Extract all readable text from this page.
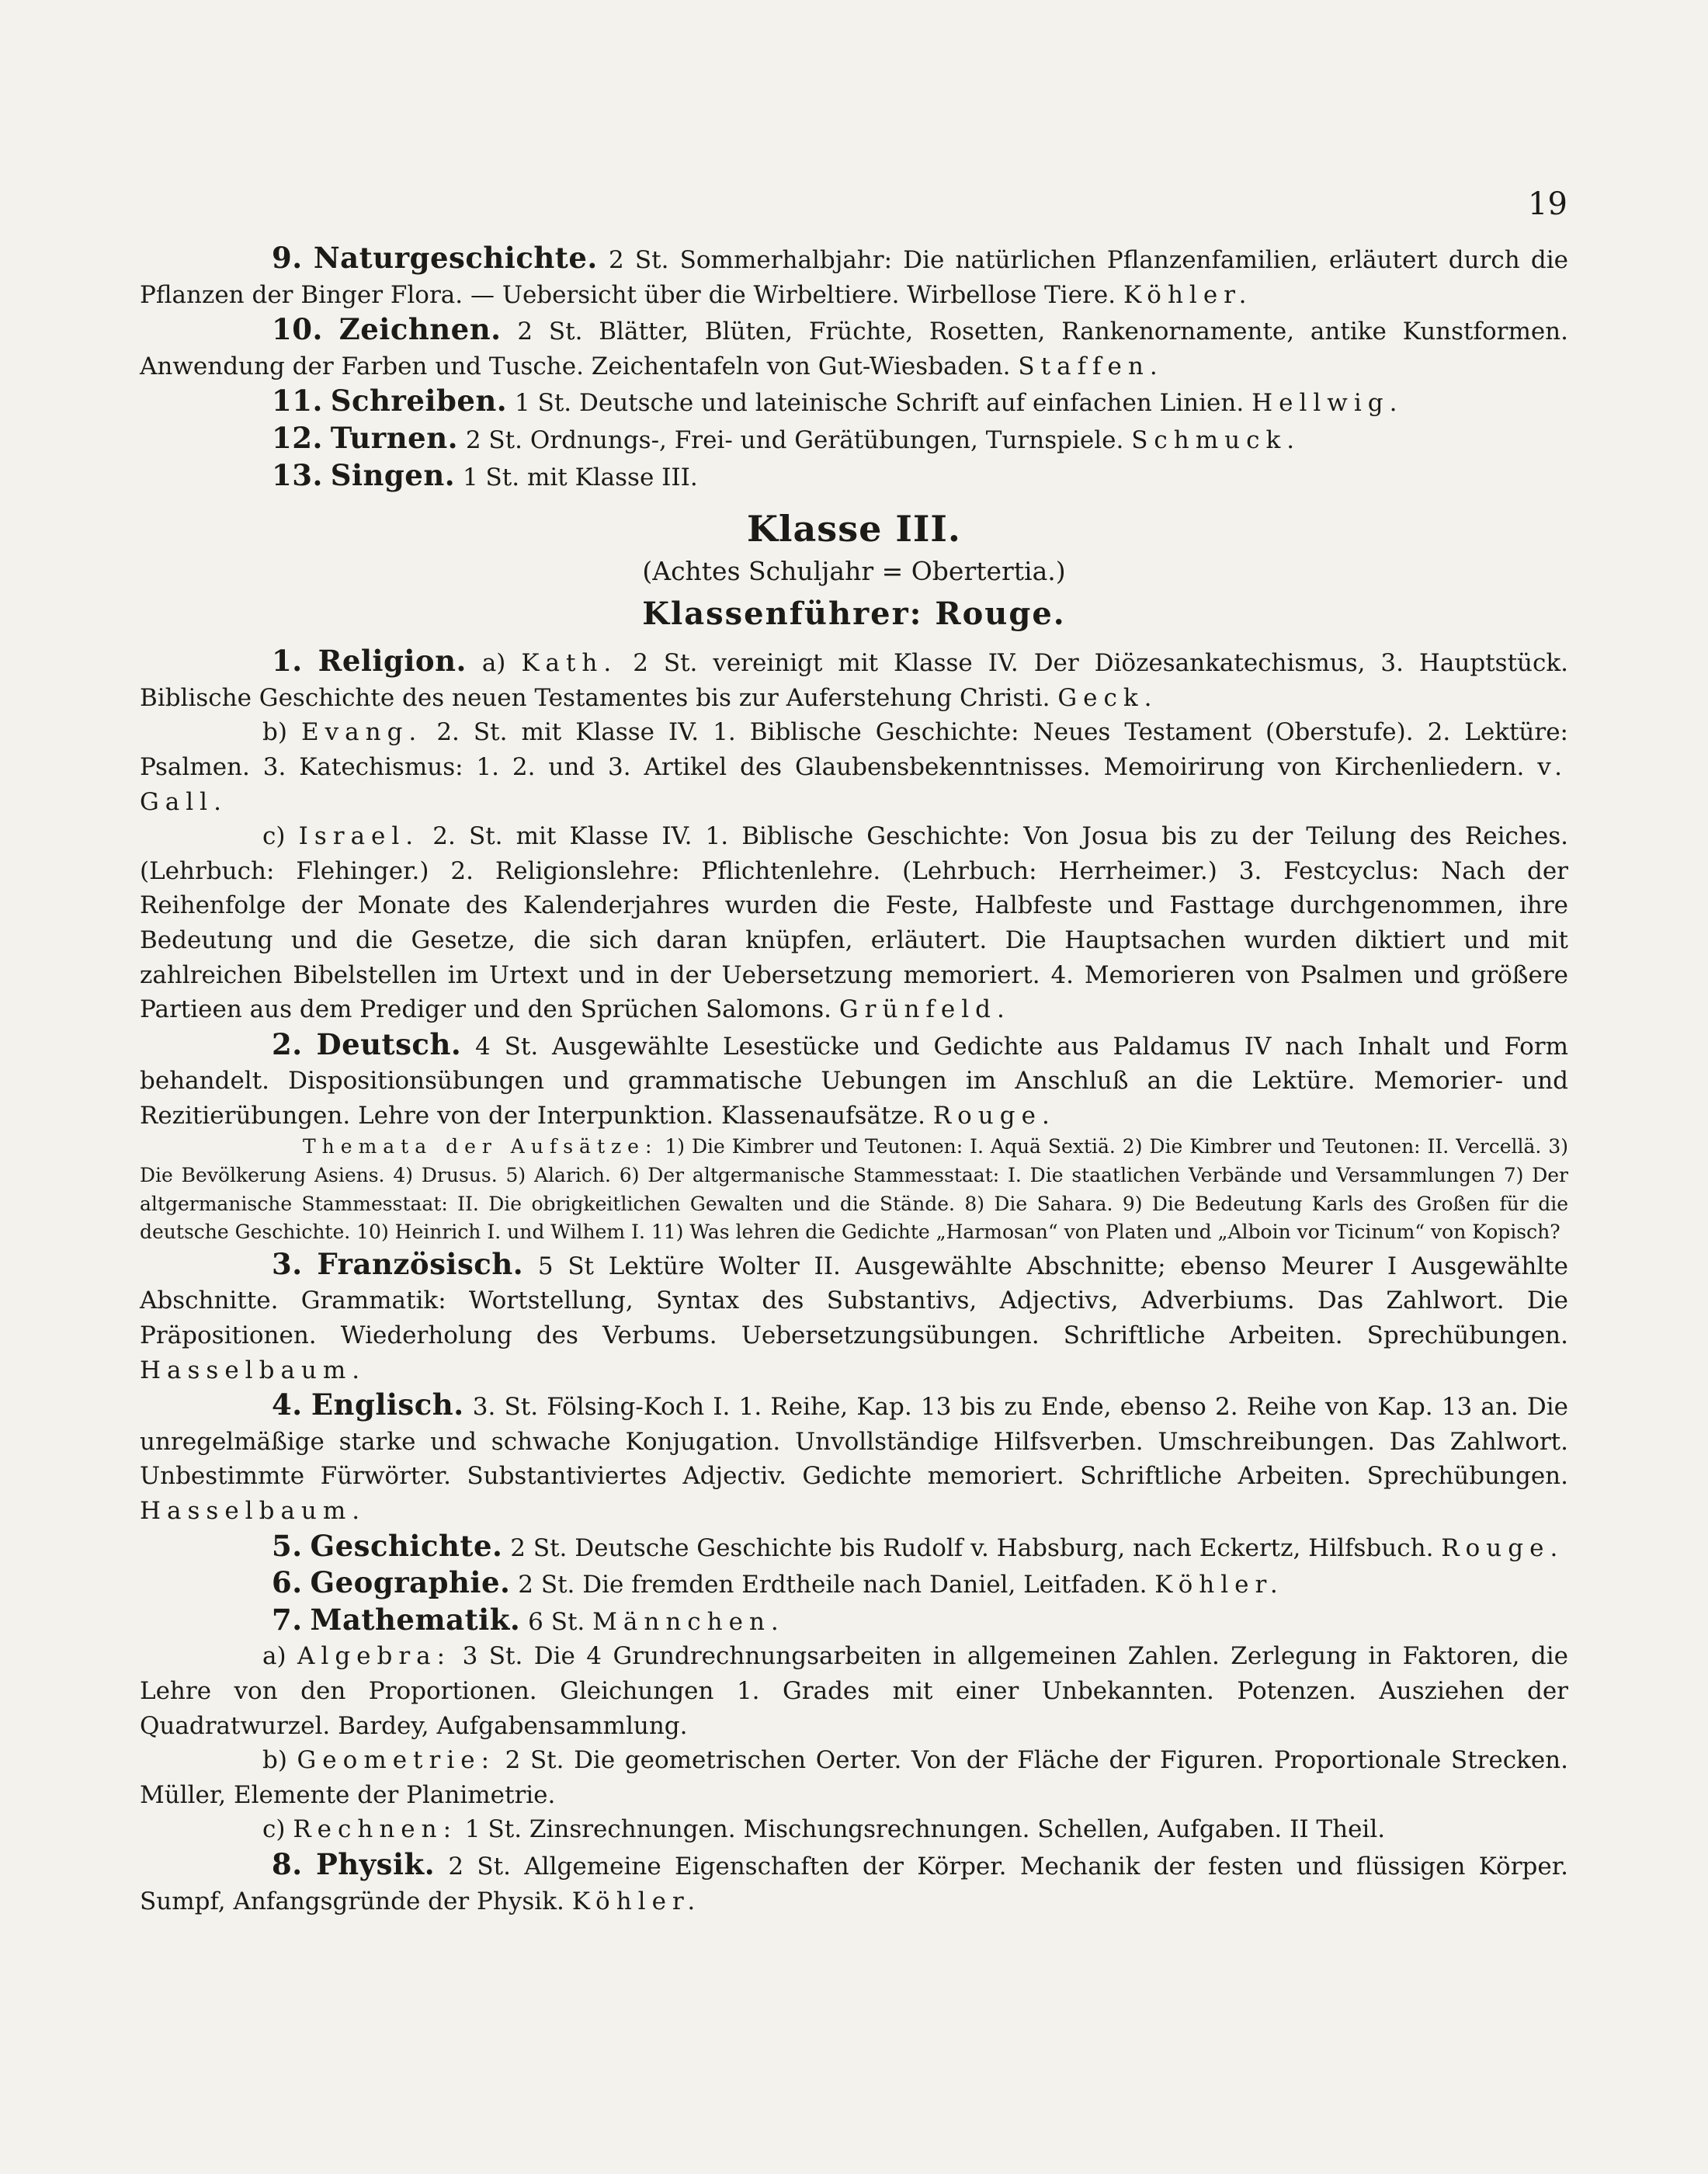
19

9. Naturgeschichte. 2 St. Sommerhalbjahr: Die natürlichen Pflanzenfamilien, erläutert durch die Pflanzen der Binger Flora. — Uebersicht über die Wirbeltiere. Wirbellose Tiere. Köhler.

10. Zeichnen. 2 St. Blätter, Blüten, Früchte, Rosetten, Rankenornamente, antike Kunstformen. Anwendung der Farben und Tusche. Zeichentafeln von Gut-Wiesbaden. Staffen.

11. Schreiben. 1 St. Deutsche und lateinische Schrift auf einfachen Linien. Hellwig.

12. Turnen. 2 St. Ordnungs-, Frei- und Gerätübungen, Turnspiele. Schmuck.

13. Singen. 1 St. mit Klasse III.

Klasse III.
(Achtes Schuljahr = Obertertia.)
Klassenführer: Rouge.

1. Religion. a) Kath. 2 St. vereinigt mit Klasse IV. Der Diözesankatechismus, 3. Hauptstück. Biblische Geschichte des neuen Testamentes bis zur Auferstehung Christi. Geck.

b) Evang. 2. St. mit Klasse IV. 1. Biblische Geschichte: Neues Testament (Oberstufe). 2. Lektüre: Psalmen. 3. Katechismus: 1. 2. und 3. Artikel des Glaubensbekenntnisses. Memoirirung von Kirchenliedern. v. Gall.

c) Israel. 2. St. mit Klasse IV. 1. Biblische Geschichte: Von Josua bis zu der Teilung des Reiches. (Lehrbuch: Flehinger.) 2. Religionslehre: Pflichtenlehre. (Lehrbuch: Herrheimer.) 3. Festcyclus: Nach der Reihenfolge der Monate des Kalenderjahres wurden die Feste, Halbfeste und Fasttage durchgenommen, ihre Bedeutung und die Gesetze, die sich daran knüpfen, erläutert. Die Hauptsachen wurden diktiert und mit zahlreichen Bibelstellen im Urtext und in der Uebersetzung memoriert. 4. Memorieren von Psalmen und größere Partieen aus dem Prediger und den Sprüchen Salomons. Grünfeld.

2. Deutsch. 4 St. Ausgewählte Lesestücke und Gedichte aus Paldamus IV nach Inhalt und Form behandelt. Dispositionsübungen und grammatische Uebungen im Anschluß an die Lektüre. Memorier- und Rezitierübungen. Lehre von der Interpunktion. Klassenaufsätze. Rouge.

Themata der Aufsätze: 1) Die Kimbrer und Teutonen: I. Aquä Sextiä. 2) Die Kimbrer und Teutonen: II. Vercellä. 3) Die Bevölkerung Asiens. 4) Drusus. 5) Alarich. 6) Der altgermanische Stammesstaat: I. Die staatlichen Verbände und Versammlungen 7) Der altgermanische Stammesstaat: II. Die obrigkeitlichen Gewalten und die Stände. 8) Die Sahara. 9) Die Bedeutung Karls des Großen für die deutsche Geschichte. 10) Heinrich I. und Wilhem I. 11) Was lehren die Gedichte „Harmosan“ von Platen und „Alboin vor Ticinum“ von Kopisch?

3. Französisch. 5 St Lektüre Wolter II. Ausgewählte Abschnitte; ebenso Meurer I Ausgewählte Abschnitte. Grammatik: Wortstellung, Syntax des Substantivs, Adjectivs, Adverbiums. Das Zahlwort. Die Präpositionen. Wiederholung des Verbums. Uebersetzungsübungen. Schriftliche Arbeiten. Sprechübungen. Hasselbaum.

4. Englisch. 3. St. Fölsing-Koch I. 1. Reihe, Kap. 13 bis zu Ende, ebenso 2. Reihe von Kap. 13 an. Die unregelmäßige starke und schwache Konjugation. Unvollständige Hilfsverben. Umschreibungen. Das Zahlwort. Unbestimmte Fürwörter. Substantiviertes Adjectiv. Gedichte memoriert. Schriftliche Arbeiten. Sprechübungen. Hasselbaum.

5. Geschichte. 2 St. Deutsche Geschichte bis Rudolf v. Habsburg, nach Eckertz, Hilfsbuch. Rouge.

6. Geographie. 2 St. Die fremden Erdtheile nach Daniel, Leitfaden. Köhler.

7. Mathematik. 6 St. Männchen.

a) Algebra: 3 St. Die 4 Grundrechnungsarbeiten in allgemeinen Zahlen. Zerlegung in Faktoren, die Lehre von den Proportionen. Gleichungen 1. Grades mit einer Unbekannten. Potenzen. Ausziehen der Quadratwurzel. Bardey, Aufgabensammlung.

b) Geometrie: 2 St. Die geometrischen Oerter. Von der Fläche der Figuren. Proportionale Strecken. Müller, Elemente der Planimetrie.

c) Rechnen: 1 St. Zinsrechnungen. Mischungsrechnungen. Schellen, Aufgaben. II Theil.

8. Physik. 2 St. Allgemeine Eigenschaften der Körper. Mechanik der festen und flüssigen Körper. Sumpf, Anfangsgründe der Physik. Köhler.
